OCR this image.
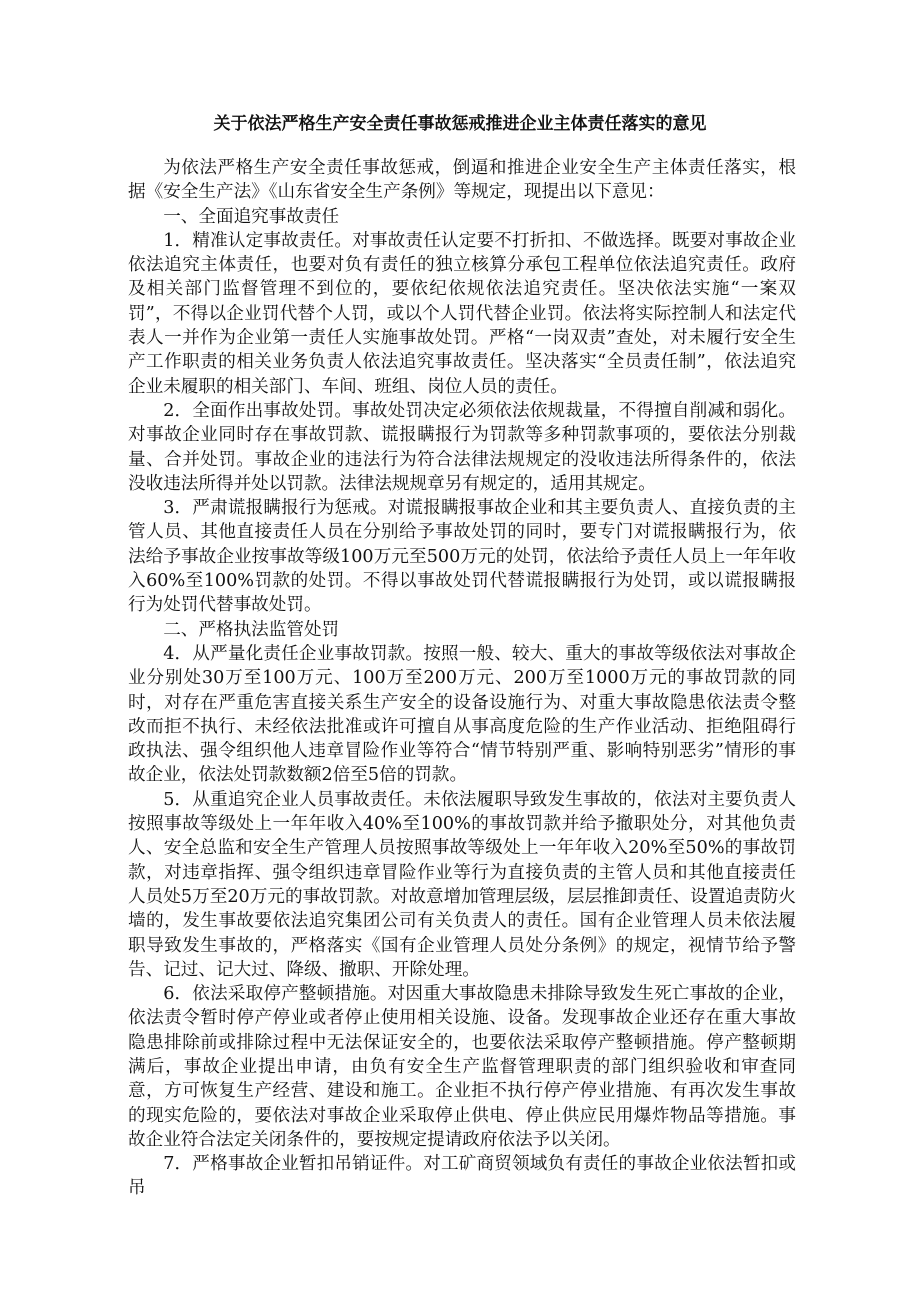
关于依法严格生产安全责任事故惩戒推进企业主体责任落实的意见

为依法严格生产安全责任事故惩戒，倒逼和推进企业安全生产主体责任落实，根据《安全生产法》《山东省安全生产条例》等规定，现提出以下意见：

一、全面追究事故责任

1．精准认定事故责任。对事故责任认定要不打折扣、不做选择。既要对事故企业依法追究主体责任，也要对负有责任的独立核算分承包工程单位依法追究责任。政府及相关部门监督管理不到位的，要依纪依规依法追究责任。坚决依法实施“一案双罚”，不得以企业罚代替个人罚，或以个人罚代替企业罚。依法将实际控制人和法定代表人一并作为企业第一责任人实施事故处罚。严格“一岗双责”查处，对未履行安全生产工作职责的相关业务负责人依法追究事故责任。坚决落实“全员责任制”，依法追究企业未履职的相关部门、车间、班组、岗位人员的责任。

2．全面作出事故处罚。事故处罚决定必须依法依规裁量，不得擅自削减和弱化。对事故企业同时存在事故罚款、谎报瞒报行为罚款等多种罚款事项的，要依法分别裁量、合并处罚。事故企业的违法行为符合法律法规规定的没收违法所得条件的，依法没收违法所得并处以罚款。法律法规规章另有规定的，适用其规定。

3．严肃谎报瞒报行为惩戒。对谎报瞒报事故企业和其主要负责人、直接负责的主管人员、其他直接责任人员在分别给予事故处罚的同时，要专门对谎报瞒报行为，依法给予事故企业按事故等级100万元至500万元的处罚，依法给予责任人员上一年年收入60%至100%罚款的处罚。不得以事故处罚代替谎报瞒报行为处罚，或以谎报瞒报行为处罚代替事故处罚。

二、严格执法监管处罚

4．从严量化责任企业事故罚款。按照一般、较大、重大的事故等级依法对事故企业分别处30万至100万元、100万至200万元、200万至1000万元的事故罚款的同时，对存在严重危害直接关系生产安全的设备设施行为、对重大事故隐患依法责令整改而拒不执行、未经依法批准或许可擅自从事高度危险的生产作业活动、拒绝阻碍行政执法、强令组织他人违章冒险作业等符合“情节特别严重、影响特别恶劣”情形的事故企业，依法处罚款数额2倍至5倍的罚款。

5．从重追究企业人员事故责任。未依法履职导致发生事故的，依法对主要负责人按照事故等级处上一年年收入40%至100%的事故罚款并给予撤职处分，对其他负责人、安全总监和安全生产管理人员按照事故等级处上一年年收入20%至50%的事故罚款，对违章指挥、强令组织违章冒险作业等行为直接负责的主管人员和其他直接责任人员处5万至20万元的事故罚款。对故意增加管理层级，层层推卸责任、设置追责防火墙的，发生事故要依法追究集团公司有关负责人的责任。国有企业管理人员未依法履职导致发生事故的，严格落实《国有企业管理人员处分条例》的规定，视情节给予警告、记过、记大过、降级、撤职、开除处理。

6．依法采取停产整顿措施。对因重大事故隐患未排除导致发生死亡事故的企业，依法责令暂时停产停业或者停止使用相关设施、设备。发现事故企业还存在重大事故隐患排除前或排除过程中无法保证安全的，也要依法采取停产整顿措施。停产整顿期满后，事故企业提出申请，由负有安全生产监督管理职责的部门组织验收和审查同意，方可恢复生产经营、建设和施工。企业拒不执行停产停业措施、有再次发生事故的现实危险的，要依法对事故企业采取停止供电、停止供应民用爆炸物品等措施。事故企业符合法定关闭条件的，要按规定提请政府依法予以关闭。

7．严格事故企业暂扣吊销证件。对工矿商贸领域负有责任的事故企业依法暂扣或吊
